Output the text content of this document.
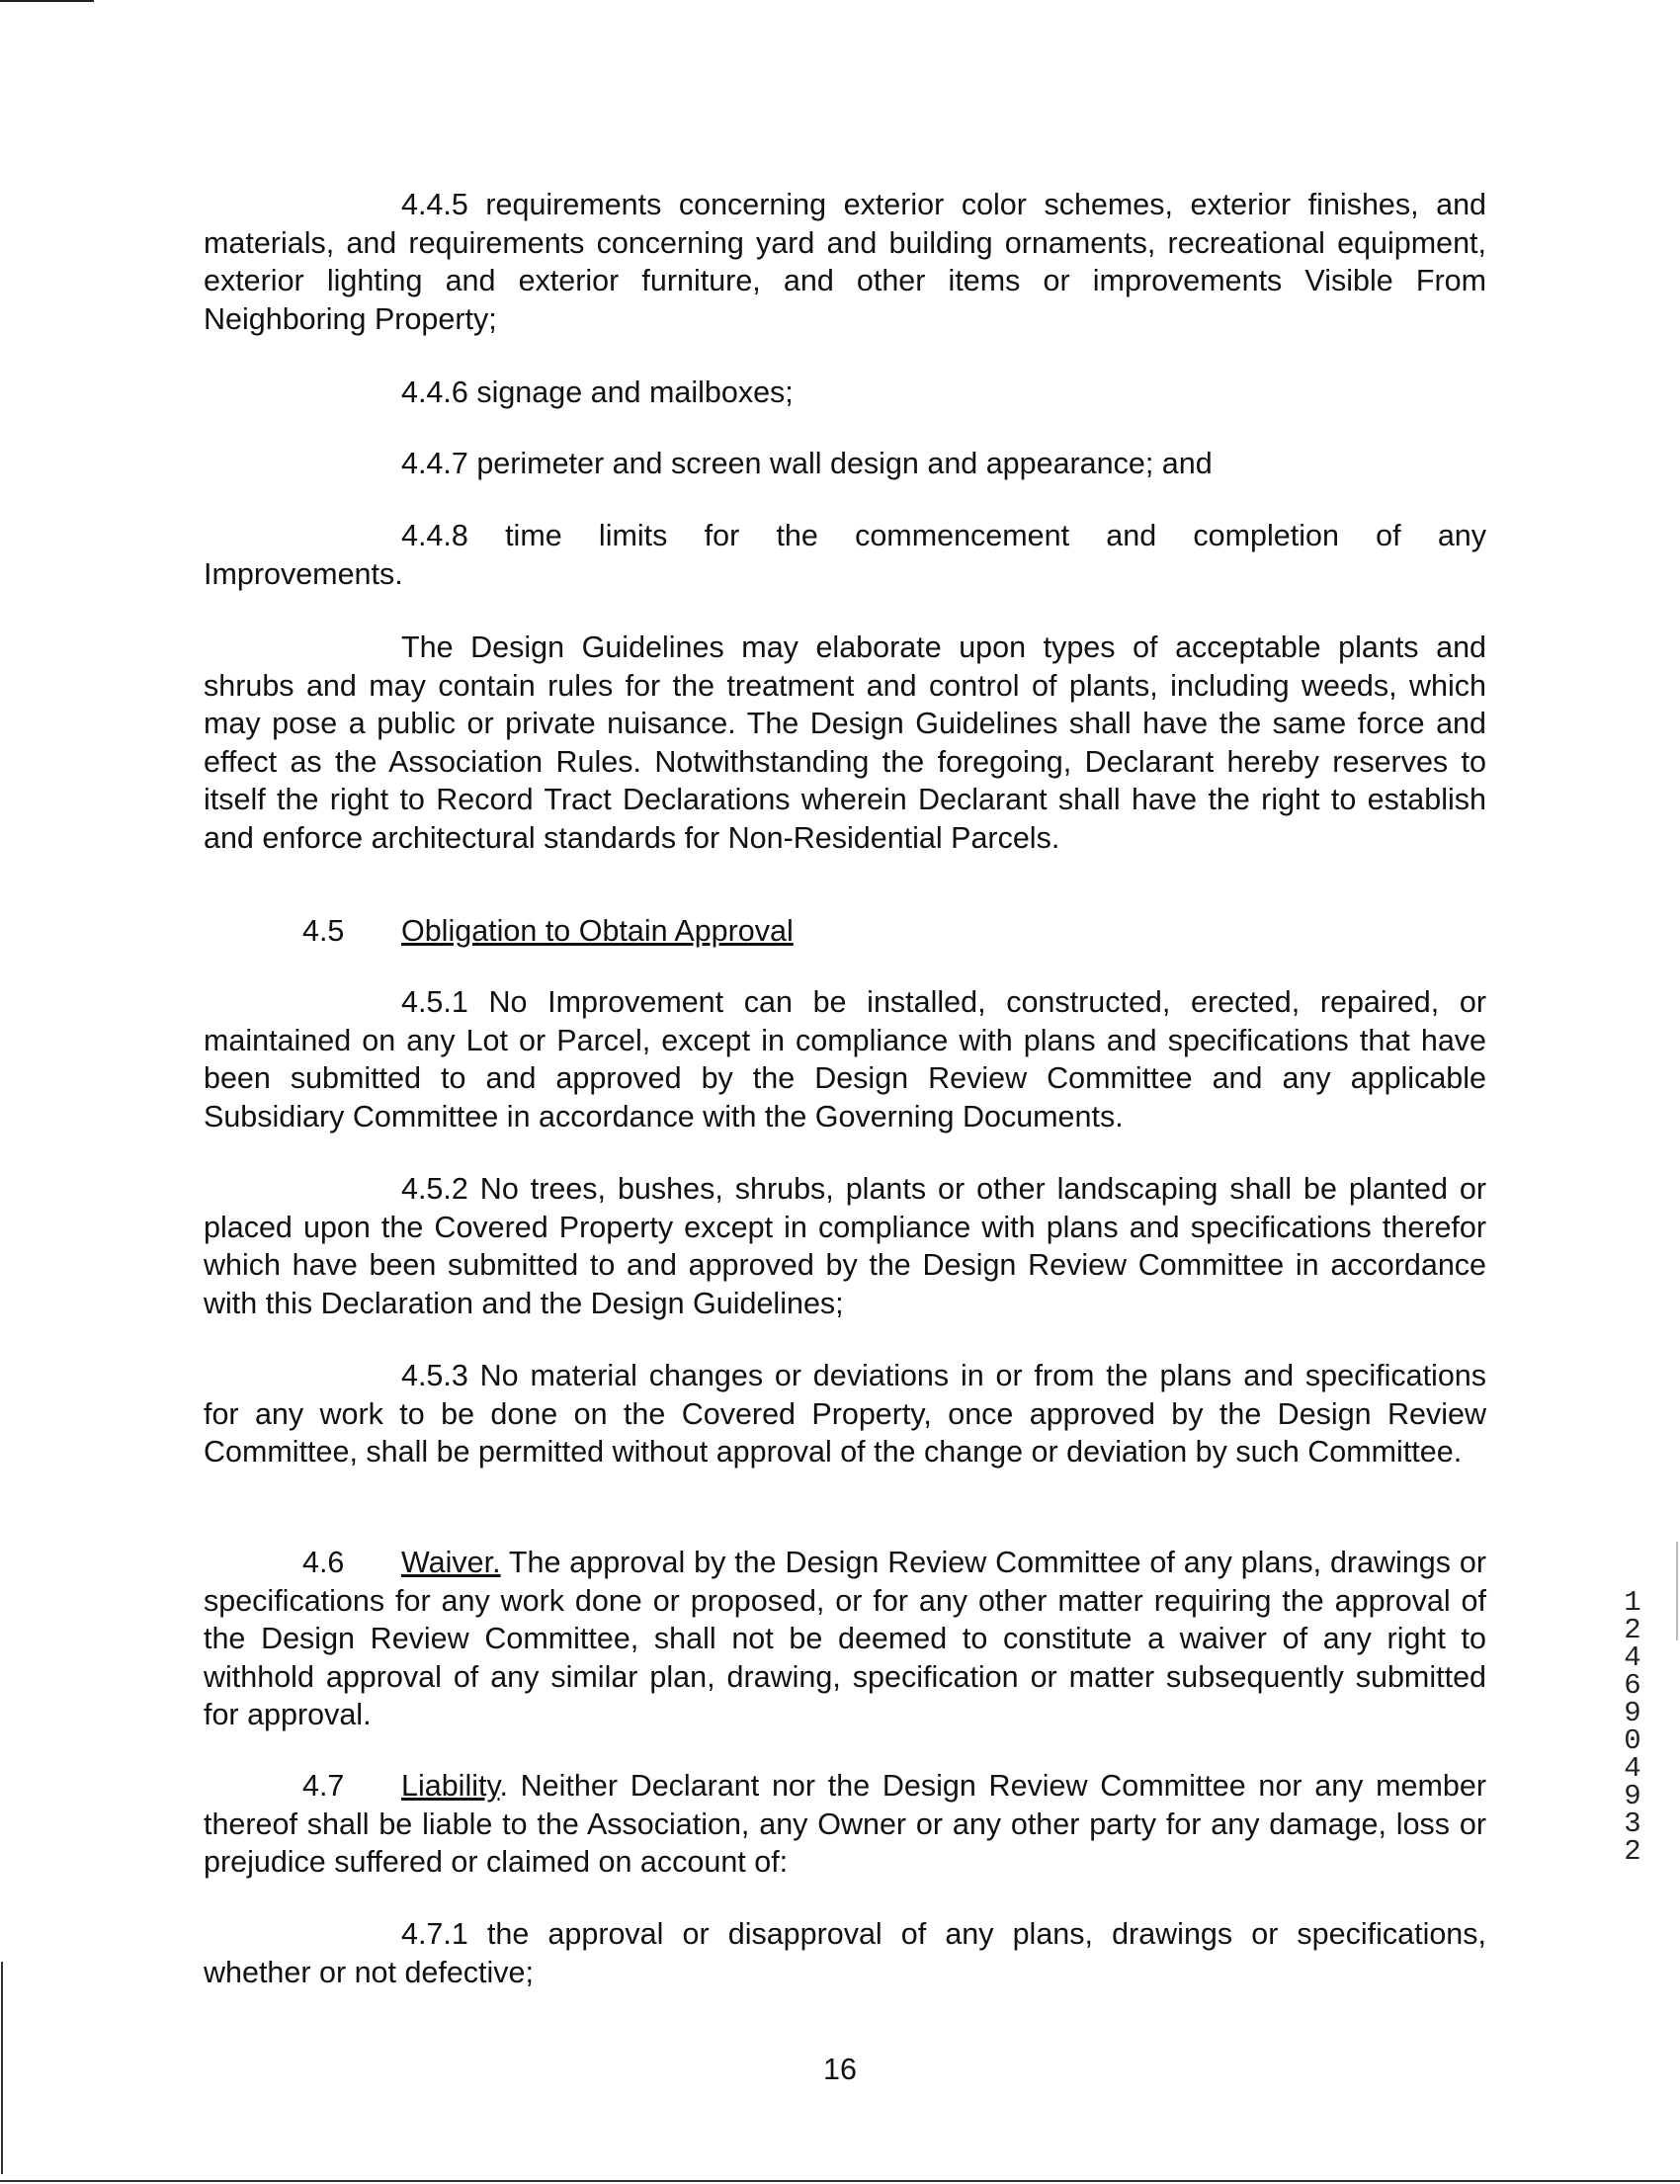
4.4.5 requirements concerning exterior color schemes, exterior finishes, and materials, and requirements concerning yard and building ornaments, recreational equipment, exterior lighting and exterior furniture, and other items or improvements Visible From Neighboring Property;

4.4.6 signage and mailboxes;

4.4.7 perimeter and screen wall design and appearance; and

4.4.8 time limits for the commencement and completion of any Improvements.

The Design Guidelines may elaborate upon types of acceptable plants and shrubs and may contain rules for the treatment and control of plants, including weeds, which may pose a public or private nuisance. The Design Guidelines shall have the same force and effect as the Association Rules. Notwithstanding the foregoing, Declarant hereby reserves to itself the right to Record Tract Declarations wherein Declarant shall have the right to establish and enforce architectural standards for Non-Residential Parcels.

4.5 Obligation to Obtain Approval

4.5.1 No Improvement can be installed, constructed, erected, repaired, or maintained on any Lot or Parcel, except in compliance with plans and specifications that have been submitted to and approved by the Design Review Committee and any applicable Subsidiary Committee in accordance with the Governing Documents.

4.5.2 No trees, bushes, shrubs, plants or other landscaping shall be planted or placed upon the Covered Property except in compliance with plans and specifications therefor which have been submitted to and approved by the Design Review Committee in accordance with this Declaration and the Design Guidelines;

4.5.3 No material changes or deviations in or from the plans and specifications for any work to be done on the Covered Property, once approved by the Design Review Committee, shall be permitted without approval of the change or deviation by such Committee.

4.6 Waiver. The approval by the Design Review Committee of any plans, drawings or specifications for any work done or proposed, or for any other matter requiring the approval of the Design Review Committee, shall not be deemed to constitute a waiver of any right to withhold approval of any similar plan, drawing, specification or matter subsequently submitted for approval.

4.7 Liability. Neither Declarant nor the Design Review Committee nor any member thereof shall be liable to the Association, any Owner or any other party for any damage, loss or prejudice suffered or claimed on account of:

4.7.1 the approval or disapproval of any plans, drawings or specifications, whether or not defective;

16
12469 04932
